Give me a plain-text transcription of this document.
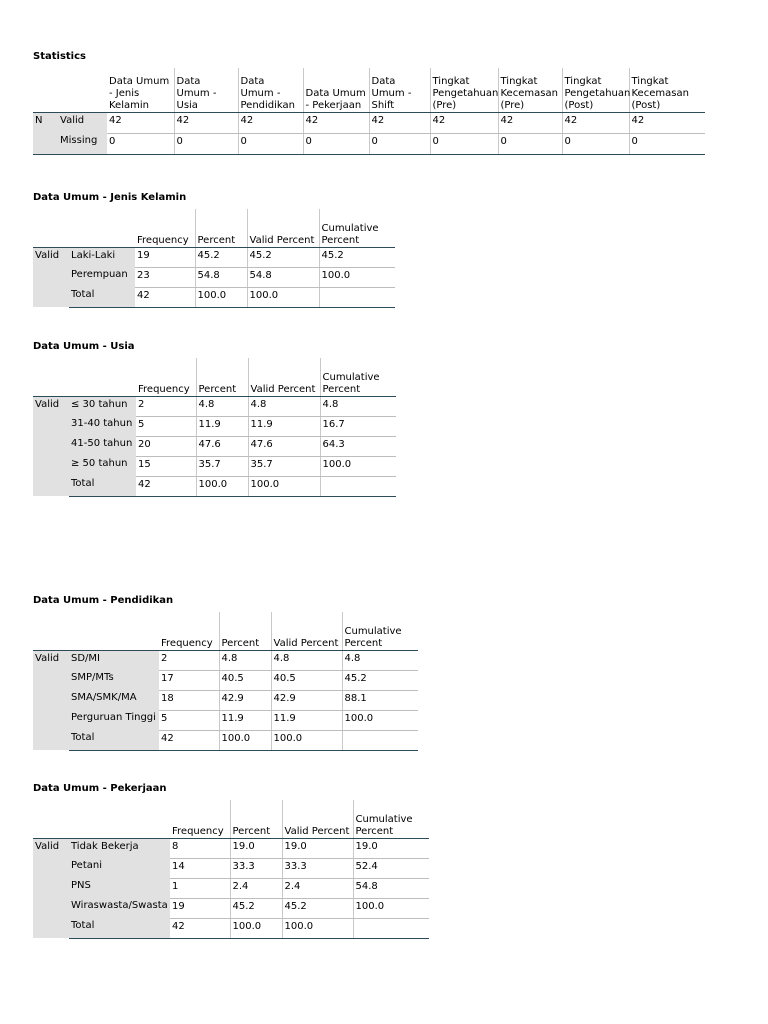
Statistics
		Data Umum - Jenis Kelamin	Data Umum - Usia	Data Umum - Pendidikan	Data Umum - Pekerjaan	Data Umum - Shift	Tingkat Pengetahuan (Pre)	Tingkat Kecemasan (Pre)	Tingkat Pengetahuan (Post)	Tingkat Kecemasan (Post)
N	Valid	42	42	42	42	42	42	42	42	42
	Missing	0	0	0	0	0	0	0	0	0
Data Umum - Jenis Kelamin
		Frequency	Percent	Valid Percent	Cumulative Percent
Valid	Laki-Laki	19	45.2	45.2	45.2
	Perempuan	23	54.8	54.8	100.0
	Total	42	100.0	100.0	
Data Umum - Usia
		Frequency	Percent	Valid Percent	Cumulative Percent
Valid	≤ 30 tahun	2	4.8	4.8	4.8
	31-40 tahun	5	11.9	11.9	16.7
	41-50 tahun	20	47.6	47.6	64.3
	≥ 50 tahun	15	35.7	35.7	100.0
	Total	42	100.0	100.0	
Data Umum - Pendidikan
		Frequency	Percent	Valid Percent	Cumulative Percent
Valid	SD/MI	2	4.8	4.8	4.8
	SMP/MTs	17	40.5	40.5	45.2
	SMA/SMK/MA	18	42.9	42.9	88.1
	Perguruan Tinggi	5	11.9	11.9	100.0
	Total	42	100.0	100.0	
Data Umum - Pekerjaan
		Frequency	Percent	Valid Percent	Cumulative Percent
Valid	Tidak Bekerja	8	19.0	19.0	19.0
	Petani	14	33.3	33.3	52.4
	PNS	1	2.4	2.4	54.8
	Wiraswasta/Swasta	19	45.2	45.2	100.0
	Total	42	100.0	100.0	
